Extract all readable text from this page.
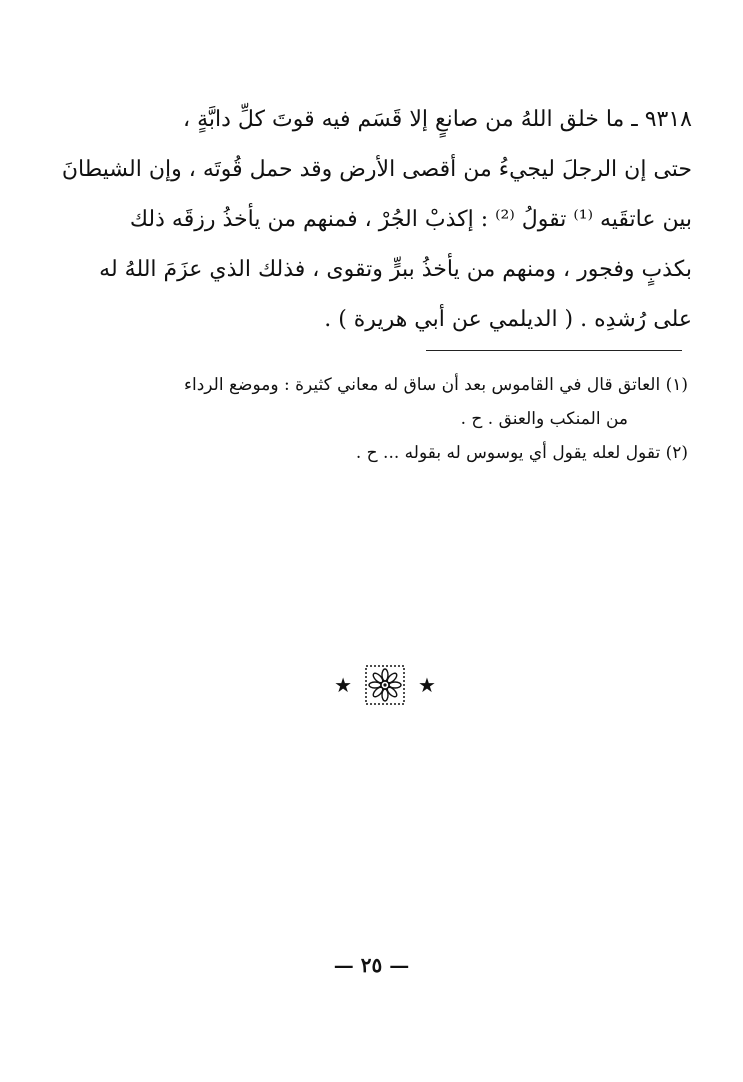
٩٣١٨ ـ ما خلق اللهُ من صانعٍ إلا قَسَم فيه قوتَ كلِّ دابَّةٍ ،
حتى إن الرجلَ ليجيءُ من أقصى الأرض وقد حمل قُوتَه ، وإن الشيطانَ
بين عاتقَيه ⁽¹⁾ تقولُ ⁽²⁾ : إكذبْ الجُرْ ، فمنهم من يأخذُ رزقَه ذلك
بكذبٍ وفجور ، ومنهم من يأخذُ ببرٍّ وتقوى ، فذلك الذي عزَمَ اللهُ له
على رُشدِه . ( الديلمي عن أبي هريرة ) .
(١) العاتق قال في القاموس بعد أن ساق له معاني كثيرة : وموضع الرداء
من المنكب والعنق . ح .
(٢) تقول لعله يقول أي يوسوس له بقوله ... ح .
★	★
— ٢٥ —
